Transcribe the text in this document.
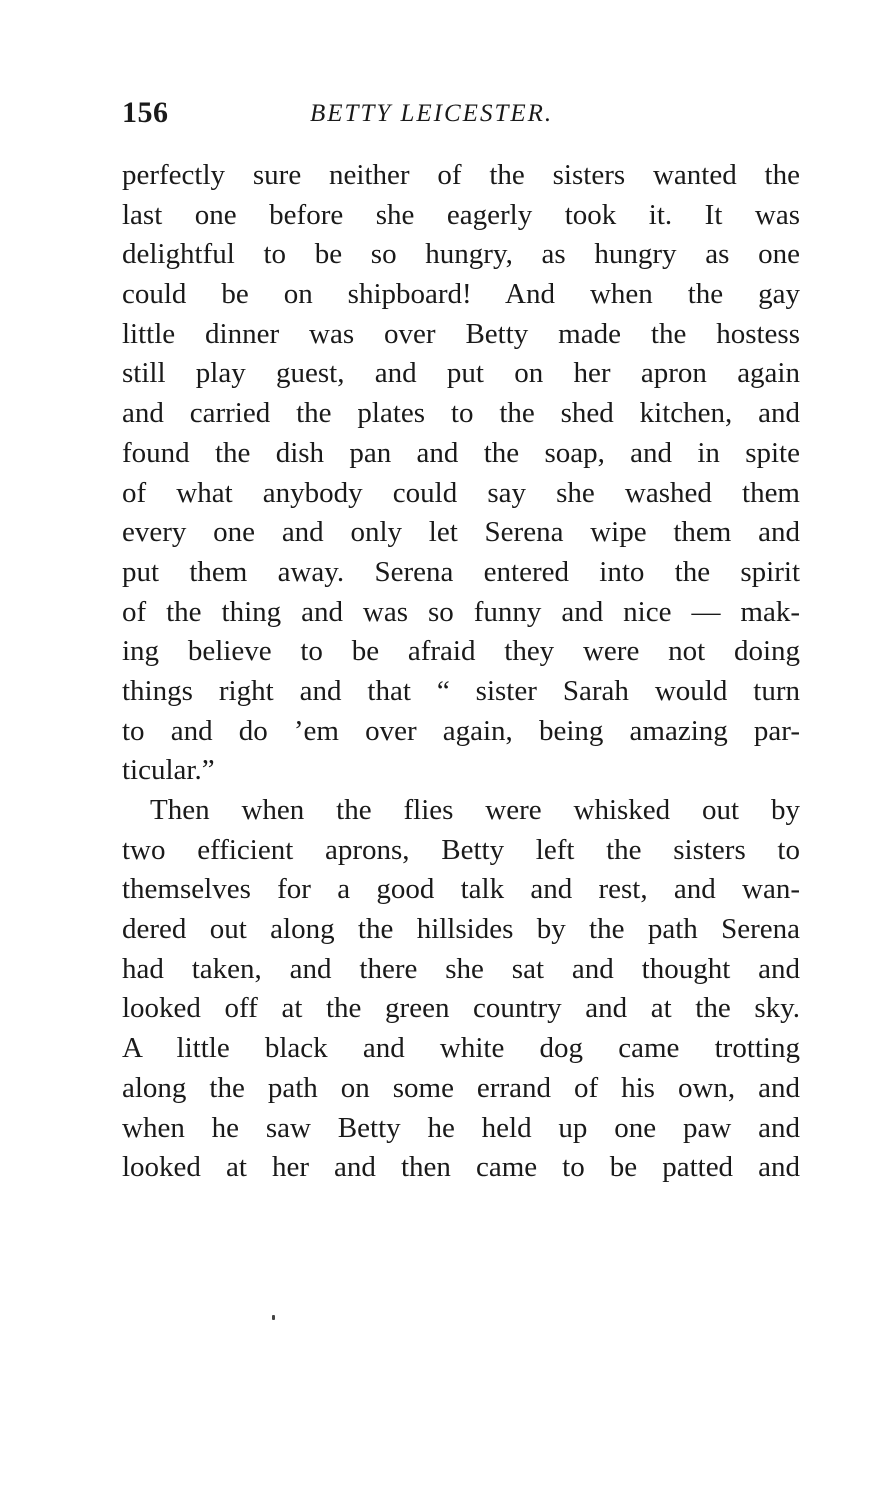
156	BETTY LEICESTER.
perfectly sure neither of the sisters wanted the
last one before she eagerly took it. It was
delightful to be so hungry, as hungry as one
could be on shipboard! And when the gay
little dinner was over Betty made the hostess
still play guest, and put on her apron again
and carried the plates to the shed kitchen, and
found the dish pan and the soap, and in spite
of what anybody could say she washed them
every one and only let Serena wipe them and
put them away. Serena entered into the spirit
of the thing and was so funny and nice — mak-
ing believe to be afraid they were not doing
things right and that “ sister Sarah would turn
to and do ’em over again, being amazing par-
ticular.”
Then when the flies were whisked out by
two efficient aprons, Betty left the sisters to
themselves for a good talk and rest, and wan-
dered out along the hillsides by the path Serena
had taken, and there she sat and thought and
looked off at the green country and at the sky.
A little black and white dog came trotting
along the path on some errand of his own, and
when he saw Betty he held up one paw and
looked at her and then came to be patted and
